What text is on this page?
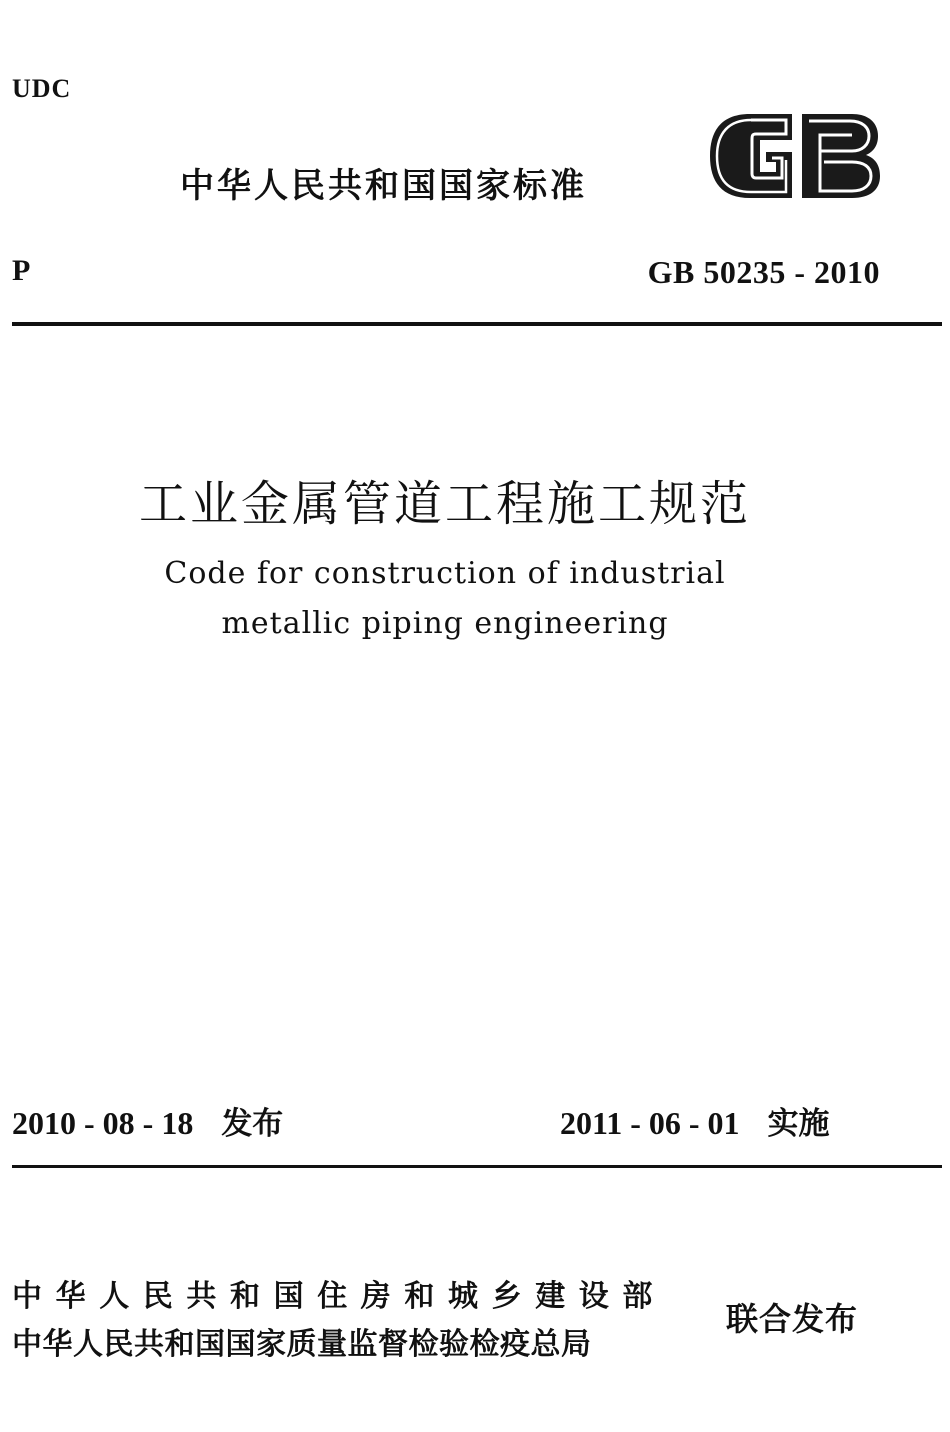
UDC
中华人民共和国国家标准
P	GB 50235 - 2010
工业金属管道工程施工规范
Code for construction of industrial
metallic piping engineering
2010 - 08 - 18 发布	2011 - 06 - 01 实施
中华人民共和国住房和城乡建设部
中华人民共和国国家质量监督检验检疫总局
联合发布
